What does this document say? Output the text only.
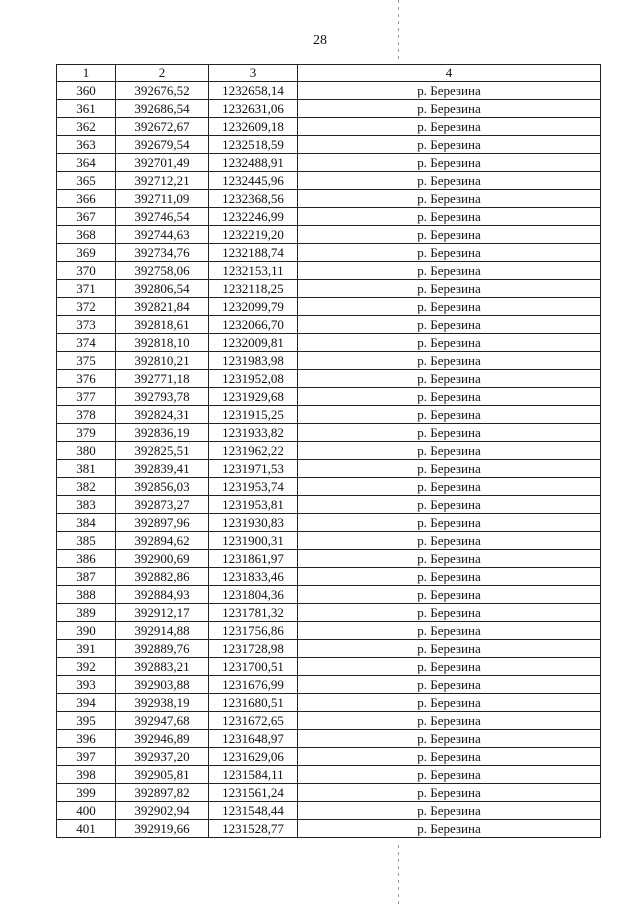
28
1	2	3	4
360	392676,52	1232658,14	р. Березина
361	392686,54	1232631,06	р. Березина
362	392672,67	1232609,18	р. Березина
363	392679,54	1232518,59	р. Березина
364	392701,49	1232488,91	р. Березина
365	392712,21	1232445,96	р. Березина
366	392711,09	1232368,56	р. Березина
367	392746,54	1232246,99	р. Березина
368	392744,63	1232219,20	р. Березина
369	392734,76	1232188,74	р. Березина
370	392758,06	1232153,11	р. Березина
371	392806,54	1232118,25	р. Березина
372	392821,84	1232099,79	р. Березина
373	392818,61	1232066,70	р. Березина
374	392818,10	1232009,81	р. Березина
375	392810,21	1231983,98	р. Березина
376	392771,18	1231952,08	р. Березина
377	392793,78	1231929,68	р. Березина
378	392824,31	1231915,25	р. Березина
379	392836,19	1231933,82	р. Березина
380	392825,51	1231962,22	р. Березина
381	392839,41	1231971,53	р. Березина
382	392856,03	1231953,74	р. Березина
383	392873,27	1231953,81	р. Березина
384	392897,96	1231930,83	р. Березина
385	392894,62	1231900,31	р. Березина
386	392900,69	1231861,97	р. Березина
387	392882,86	1231833,46	р. Березина
388	392884,93	1231804,36	р. Березина
389	392912,17	1231781,32	р. Березина
390	392914,88	1231756,86	р. Березина
391	392889,76	1231728,98	р. Березина
392	392883,21	1231700,51	р. Березина
393	392903,88	1231676,99	р. Березина
394	392938,19	1231680,51	р. Березина
395	392947,68	1231672,65	р. Березина
396	392946,89	1231648,97	р. Березина
397	392937,20	1231629,06	р. Березина
398	392905,81	1231584,11	р. Березина
399	392897,82	1231561,24	р. Березина
400	392902,94	1231548,44	р. Березина
401	392919,66	1231528,77	р. Березина
